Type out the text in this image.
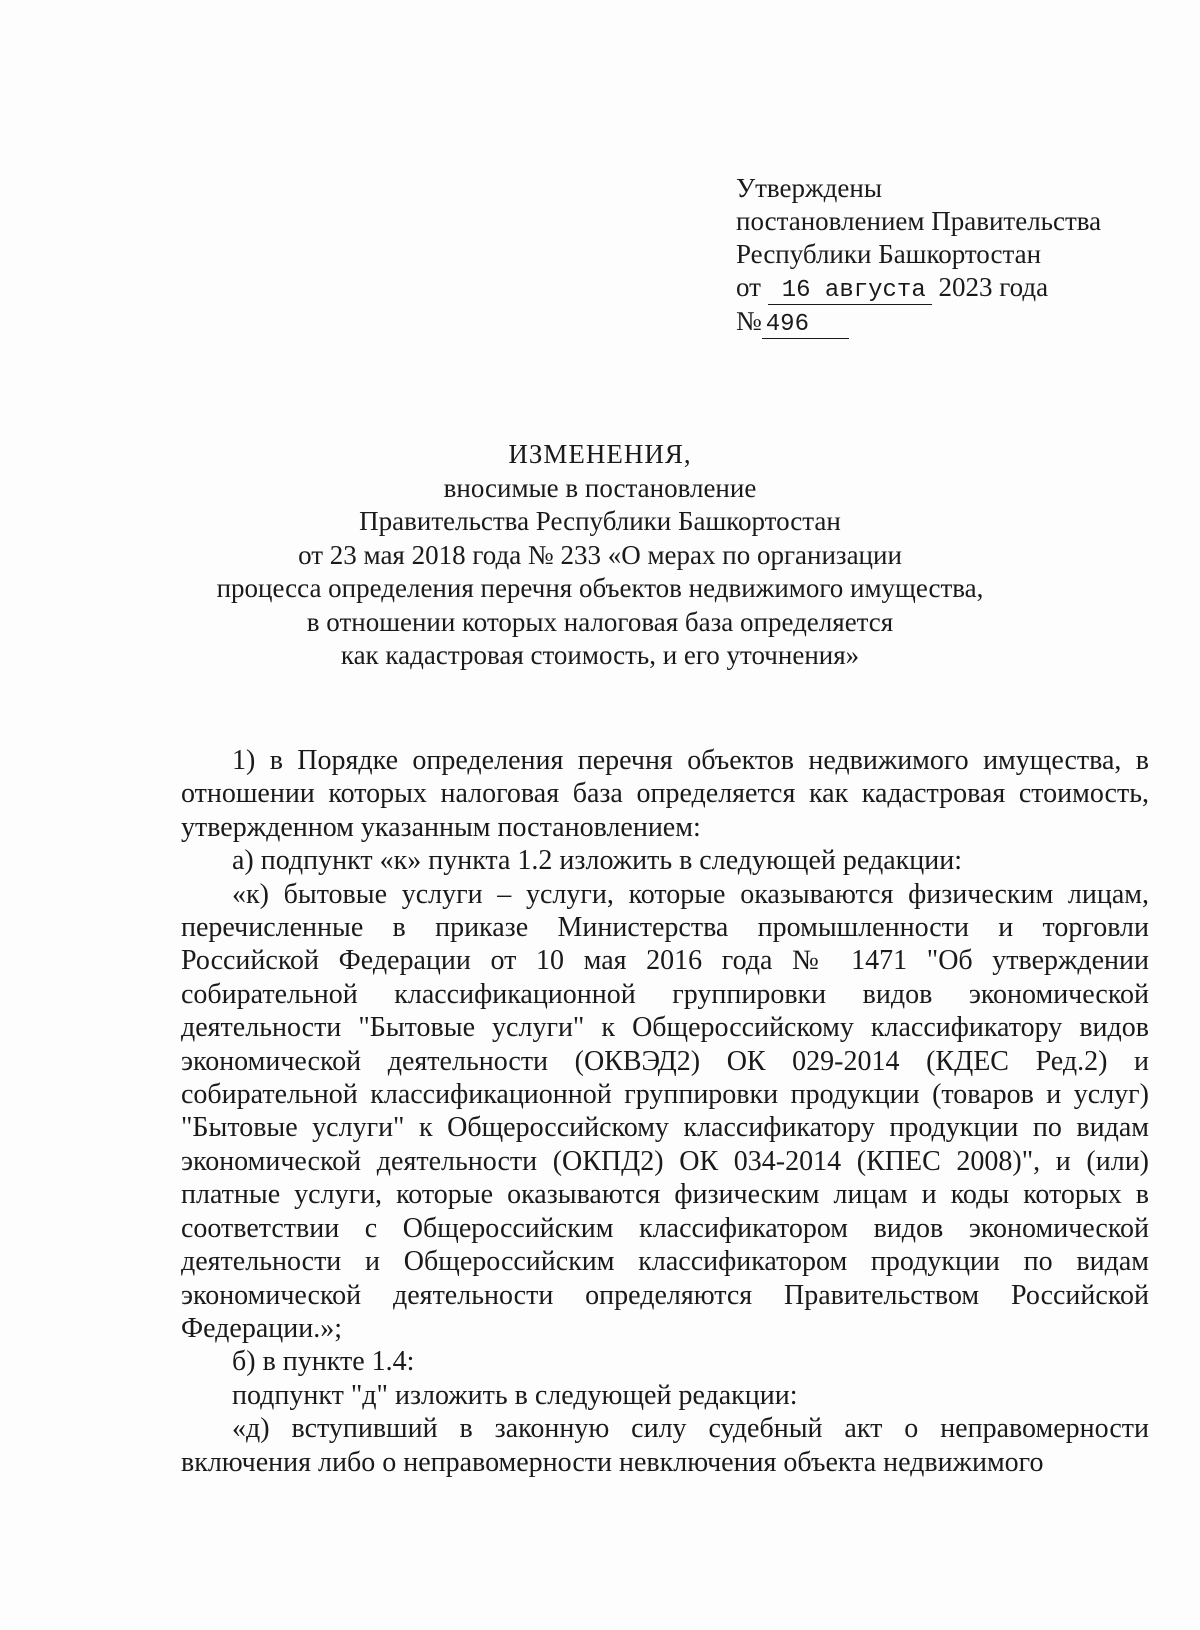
Утверждены
постановлением Правительства
Республики Башкортостан
от 16 августа 2023 года
№ 496
ИЗМЕНЕНИЯ,
вносимые в постановление
Правительства Республики Башкортостан
от 23 мая 2018 года № 233 «О мерах по организации
процесса определения перечня объектов недвижимого имущества,
в отношении которых налоговая база определяется
как кадастровая стоимость, и его уточнения»

1) в Порядке определения перечня объектов недвижимого имущества, в отношении которых налоговая база определяется как кадастровая стоимость, утвержденном указанным постановлением:

а) подпункт «к» пункта 1.2 изложить в следующей редакции:

«к) бытовые услуги – услуги, которые оказываются физическим лицам, перечисленные в приказе Министерства промышленности и торговли Российской Федерации от 10 мая 2016 года № 1471 "Об утверждении собирательной классификационной группировки видов экономической деятельности "Бытовые услуги" к Общероссийскому классификатору видов экономической деятельности (ОКВЭД2) ОК 029-2014 (КДЕС Ред.2) и собирательной классификационной группировки продукции (товаров и услуг) "Бытовые услуги" к Общероссийскому классификатору продукции по видам экономической деятельности (ОКПД2) ОК 034-2014 (КПЕС 2008)", и (или) платные услуги, которые оказываются физическим лицам и коды которых в соответствии с Общероссийским классификатором видов экономической деятельности и Общероссийским классификатором продукции по видам экономической деятельности определяются Правительством Российской Федерации.»;

б) в пункте 1.4:

подпункт "д" изложить в следующей редакции:

«д) вступивший в законную силу судебный акт о неправомерности включения либо о неправомерности невключения объекта недвижимого
